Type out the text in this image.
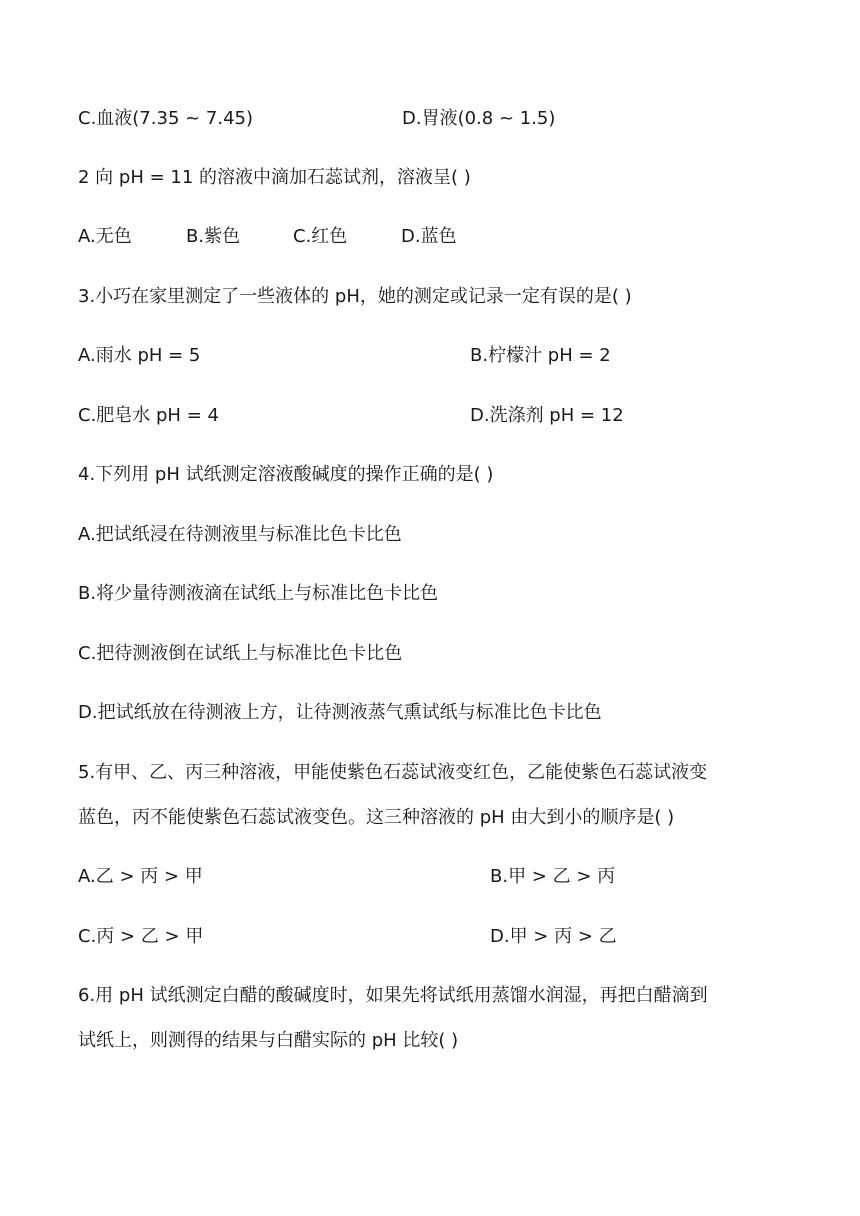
C.血液(7.35 ~ 7.45)	D.胃液(0.8 ~ 1.5)
2 向 pH = 11 的溶液中滴加石蕊试剂，溶液呈( )
A.无色	B.紫色	C.红色	D.蓝色
3.小巧在家里测定了一些液体的 pH，她的测定或记录一定有误的是( )
A.雨水 pH = 5	B.柠檬汁 pH = 2
C.肥皂水 pH = 4	D.洗涤剂 pH = 12
4.下列用 pH 试纸测定溶液酸碱度的操作正确的是( )
A.把试纸浸在待测液里与标准比色卡比色
B.将少量待测液滴在试纸上与标准比色卡比色
C.把待测液倒在试纸上与标准比色卡比色
D.把试纸放在待测液上方，让待测液蒸气熏试纸与标准比色卡比色
5.有甲、乙、丙三种溶液，甲能使紫色石蕊试液变红色，乙能使紫色石蕊试液变
蓝色，丙不能使紫色石蕊试液变色。这三种溶液的 pH 由大到小的顺序是( )
A.乙 > 丙 > 甲	B.甲 > 乙 > 丙
C.丙 > 乙 > 甲	D.甲 > 丙 > 乙
6.用 pH 试纸测定白醋的酸碱度时，如果先将试纸用蒸馏水润湿，再把白醋滴到
试纸上，则测得的结果与白醋实际的 pH 比较( )
